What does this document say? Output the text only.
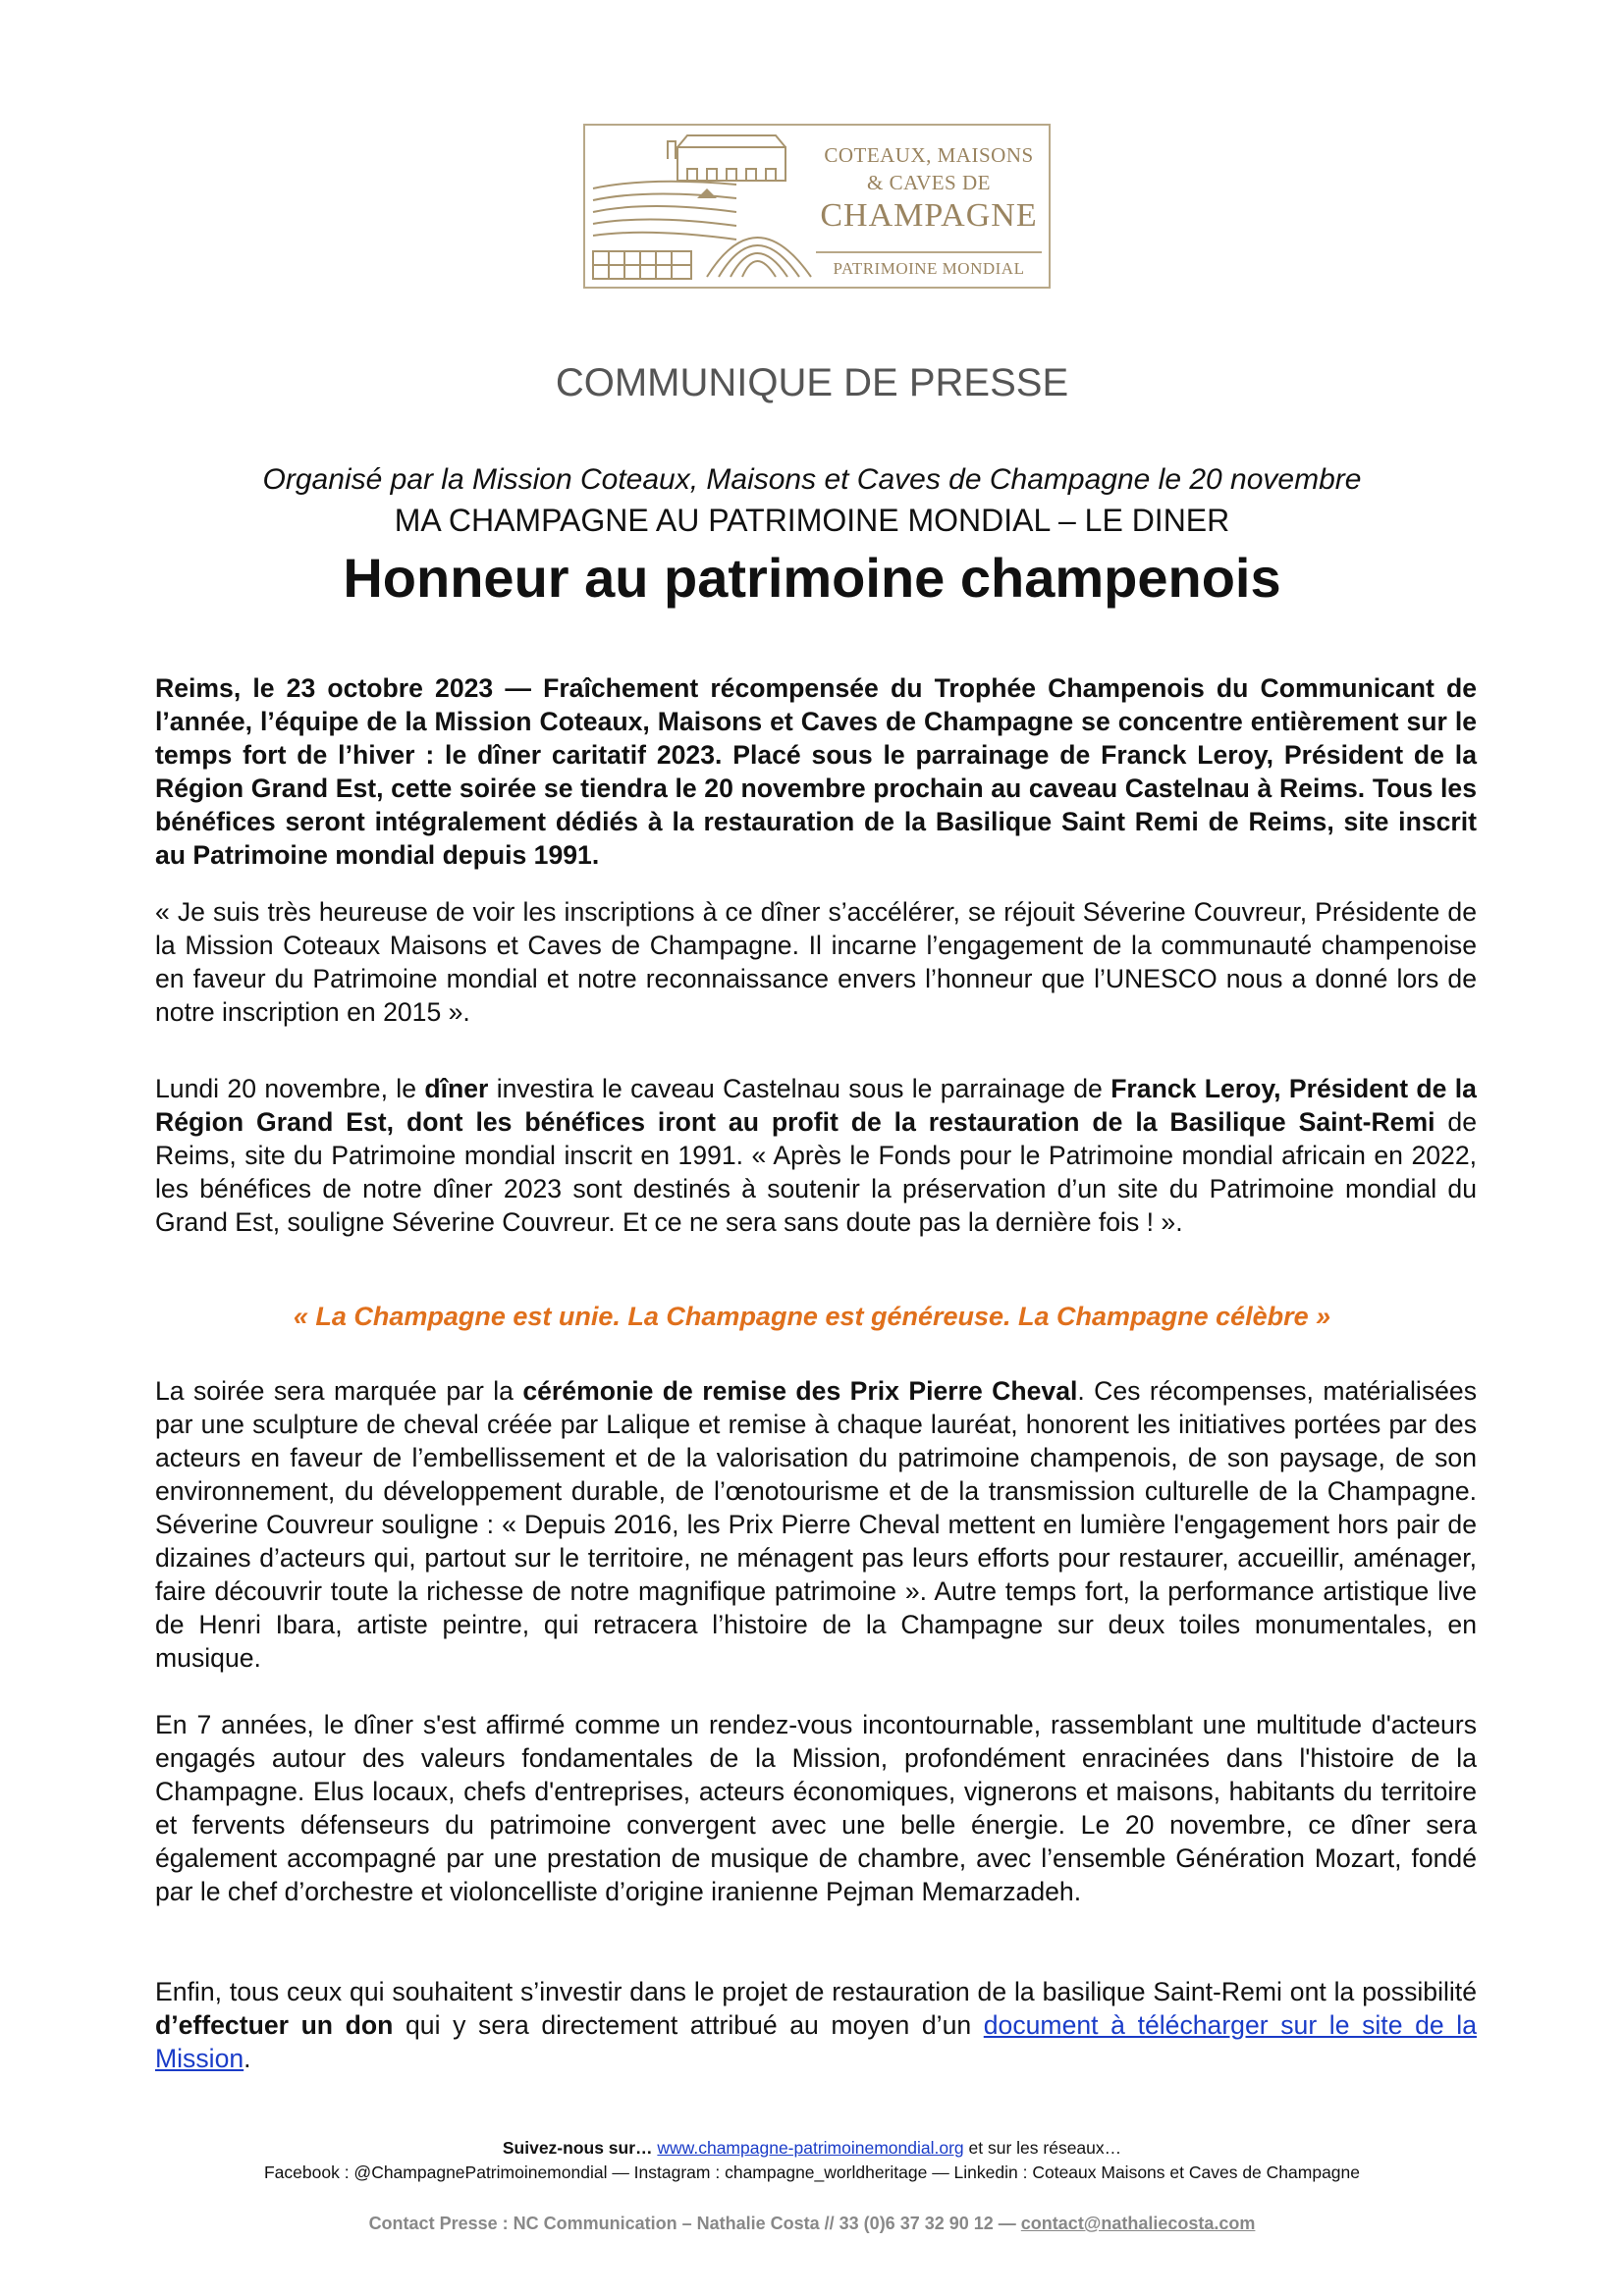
COTEAUX, MAISONS
& CAVES DE
CHAMPAGNE
PATRIMOINE MONDIAL
COMMUNIQUE DE PRESSE
Organisé par la Mission Coteaux, Maisons et Caves de Champagne le 20 novembre
MA CHAMPAGNE AU PATRIMOINE MONDIAL – LE DINER
Honneur au patrimoine champenois
Reims, le 23 octobre 2023 — Fraîchement récompensée du Trophée Champenois du Communicant de l’année, l’équipe de la Mission Coteaux, Maisons et Caves de Champagne se concentre entièrement sur le temps fort de l’hiver : le dîner caritatif 2023. Placé sous le parrainage de Franck Leroy, Président de la Région Grand Est, cette soirée se tiendra le 20 novembre prochain au caveau Castelnau à Reims. Tous les bénéfices seront intégralement dédiés à la restauration de la Basilique Saint Remi de Reims, site inscrit au Patrimoine mondial depuis 1991.
« Je suis très heureuse de voir les inscriptions à ce dîner s’accélérer, se réjouit Séverine Couvreur, Présidente de la Mission Coteaux Maisons et Caves de Champagne. Il incarne l’engagement de la communauté champenoise en faveur du Patrimoine mondial et notre reconnaissance envers l’honneur que l’UNESCO nous a donné lors de notre inscription en 2015 ».
Lundi 20 novembre, le dîner investira le caveau Castelnau sous le parrainage de Franck Leroy, Président de la Région Grand Est, dont les bénéfices iront au profit de la restauration de la Basilique Saint-Remi de Reims, site du Patrimoine mondial inscrit en 1991. « Après le Fonds pour le Patrimoine mondial africain en 2022, les bénéfices de notre dîner 2023 sont destinés à soutenir la préservation d’un site du Patrimoine mondial du Grand Est, souligne Séverine Couvreur. Et ce ne sera sans doute pas la dernière fois ! ».
« La Champagne est unie. La Champagne est généreuse. La Champagne célèbre »
La soirée sera marquée par la cérémonie de remise des Prix Pierre Cheval. Ces récompenses, matérialisées par une sculpture de cheval créée par Lalique et remise à chaque lauréat, honorent les initiatives portées par des acteurs en faveur de l’embellissement et de la valorisation du patrimoine champenois, de son paysage, de son environnement, du développement durable, de l’œnotourisme et de la transmission culturelle de la Champagne. Séverine Couvreur souligne : « Depuis 2016, les Prix Pierre Cheval mettent en lumière l'engagement hors pair de dizaines d’acteurs qui, partout sur le territoire, ne ménagent pas leurs efforts pour restaurer, accueillir, aménager, faire découvrir toute la richesse de notre magnifique patrimoine ». Autre temps fort, la performance artistique live de Henri Ibara, artiste peintre, qui retracera l’histoire de la Champagne sur deux toiles monumentales, en musique.
En 7 années, le dîner s'est affirmé comme un rendez-vous incontournable, rassemblant une multitude d'acteurs engagés autour des valeurs fondamentales de la Mission, profondément enracinées dans l'histoire de la Champagne. Elus locaux, chefs d'entreprises, acteurs économiques, vignerons et maisons, habitants du territoire et fervents défenseurs du patrimoine convergent avec une belle énergie. Le 20 novembre, ce dîner sera également accompagné par une prestation de musique de chambre, avec l’ensemble Génération Mozart, fondé par le chef d’orchestre et violoncelliste d’origine iranienne Pejman Memarzadeh.
Enfin, tous ceux qui souhaitent s’investir dans le projet de restauration de la basilique Saint-Remi ont la possibilité d’effectuer un don qui y sera directement attribué au moyen d’un document à télécharger sur le site de la Mission.
Suivez-nous sur… www.champagne-patrimoinemondial.org et sur les réseaux…
Facebook : @ChampagnePatrimoinemondial — Instagram : champagne_worldheritage — Linkedin : Coteaux Maisons et Caves de Champagne
Contact Presse : NC Communication – Nathalie Costa // 33 (0)6 37 32 90 12 — contact@nathaliecosta.com
